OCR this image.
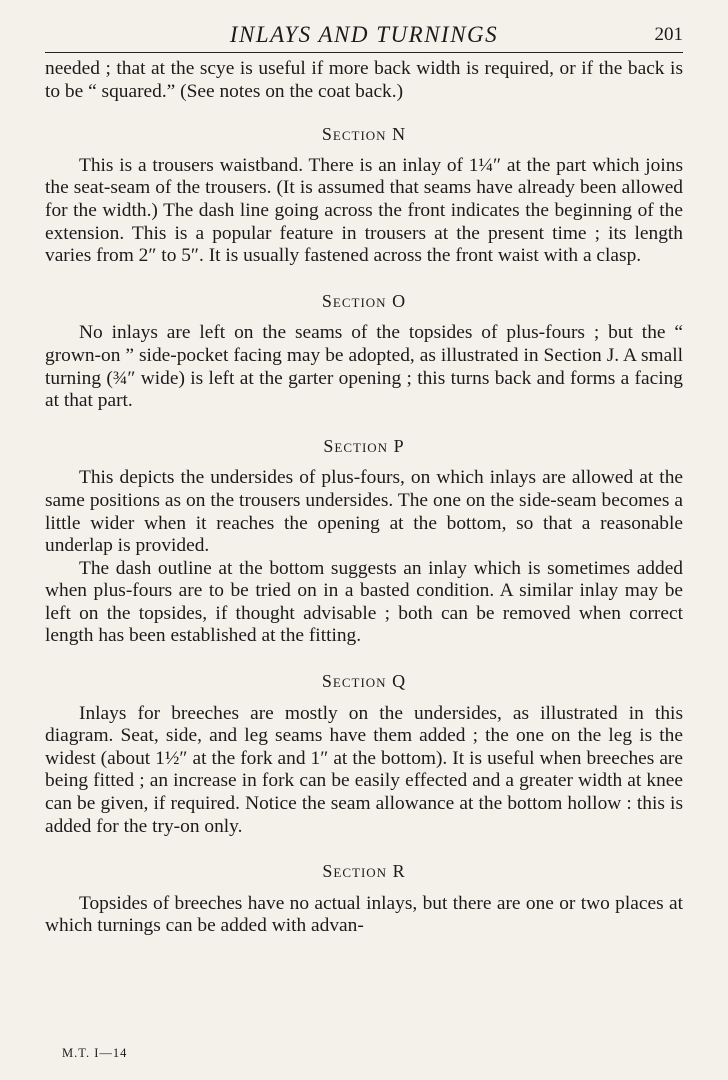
INLAYS AND TURNINGS	201

needed ; that at the scye is useful if more back width is required, or if the back is to be “ squared.” (See notes on the coat back.)

Section N

This is a trousers waistband. There is an inlay of 1¼″ at the part which joins the seat-seam of the trousers. (It is assumed that seams have already been allowed for the width.) The dash line going across the front indicates the beginning of the extension. This is a popular feature in trousers at the present time ; its length varies from 2″ to 5″. It is usually fastened across the front waist with a clasp.

Section O

No inlays are left on the seams of the topsides of plus-fours ; but the “ grown-on ” side-pocket facing may be adopted, as illustrated in Section J. A small turning (¾″ wide) is left at the garter opening ; this turns back and forms a facing at that part.

Section P

This depicts the undersides of plus-fours, on which inlays are allowed at the same positions as on the trousers undersides. The one on the side-seam becomes a little wider when it reaches the opening at the bottom, so that a reasonable underlap is provided.

The dash outline at the bottom suggests an inlay which is sometimes added when plus-fours are to be tried on in a basted condition. A similar inlay may be left on the topsides, if thought advisable ; both can be removed when correct length has been established at the fitting.

Section Q

Inlays for breeches are mostly on the undersides, as illustrated in this diagram. Seat, side, and leg seams have them added ; the one on the leg is the widest (about 1½″ at the fork and 1″ at the bottom). It is useful when breeches are being fitted ; an increase in fork can be easily effected and a greater width at knee can be given, if required. Notice the seam allowance at the bottom hollow : this is added for the try-on only.

Section R

Topsides of breeches have no actual inlays, but there are one or two places at which turnings can be added with advan-

M.T. I—14
